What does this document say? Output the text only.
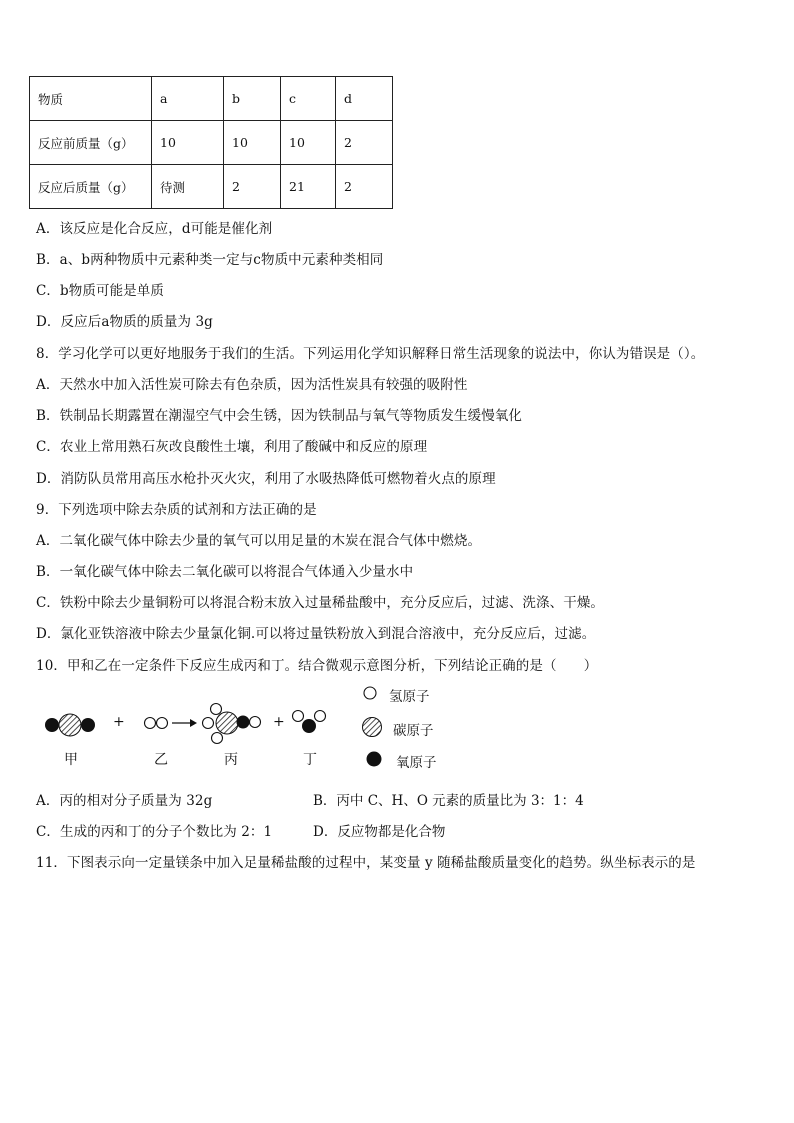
物质	a	b	c	d
反应前质量（g）	10	10	10	2
反应后质量（g）	待测	2	21	2
A．该反应是化合反应，d可能是催化剂
B．a、b两种物质中元素种类一定与c物质中元素种类相同
C．b物质可能是单质
D．反应后a物质的质量为 3g
8．学习化学可以更好地服务于我们的生活。下列运用化学知识解释日常生活现象的说法中，你认为错误是（）。
A．天然水中加入活性炭可除去有色杂质，因为活性炭具有较强的吸附性
B．铁制品长期露置在潮湿空气中会生锈，因为铁制品与氧气等物质发生缓慢氧化
C．农业上常用熟石灰改良酸性土壤，利用了酸碱中和反应的原理
D．消防队员常用高压水枪扑灭火灾，利用了水吸热降低可燃物着火点的原理
9．下列选项中除去杂质的试剂和方法正确的是
A．二氧化碳气体中除去少量的氧气可以用足量的木炭在混合气体中燃烧。
B．一氧化碳气体中除去二氧化碳可以将混合气体通入少量水中
C．铁粉中除去少量铜粉可以将混合粉末放入过量稀盐酸中，充分反应后，过滤、洗涤、干燥。
D．氯化亚铁溶液中除去少量氯化铜.可以将过量铁粉放入到混合溶液中，充分反应后，过滤。
10．甲和乙在一定条件下反应生成丙和丁。结合微观示意图分析，下列结论正确的是（　　）
+	+
甲	乙	丙	丁
氢原子
碳原子
氧原子
A．丙的相对分子质量为 32g	B．丙中 C、H、O 元素的质量比为 3：1：4
C．生成的丙和丁的分子个数比为 2：1	D．反应物都是化合物
11．下图表示向一定量镁条中加入足量稀盐酸的过程中，某变量 y 随稀盐酸质量变化的趋势。纵坐标表示的是
